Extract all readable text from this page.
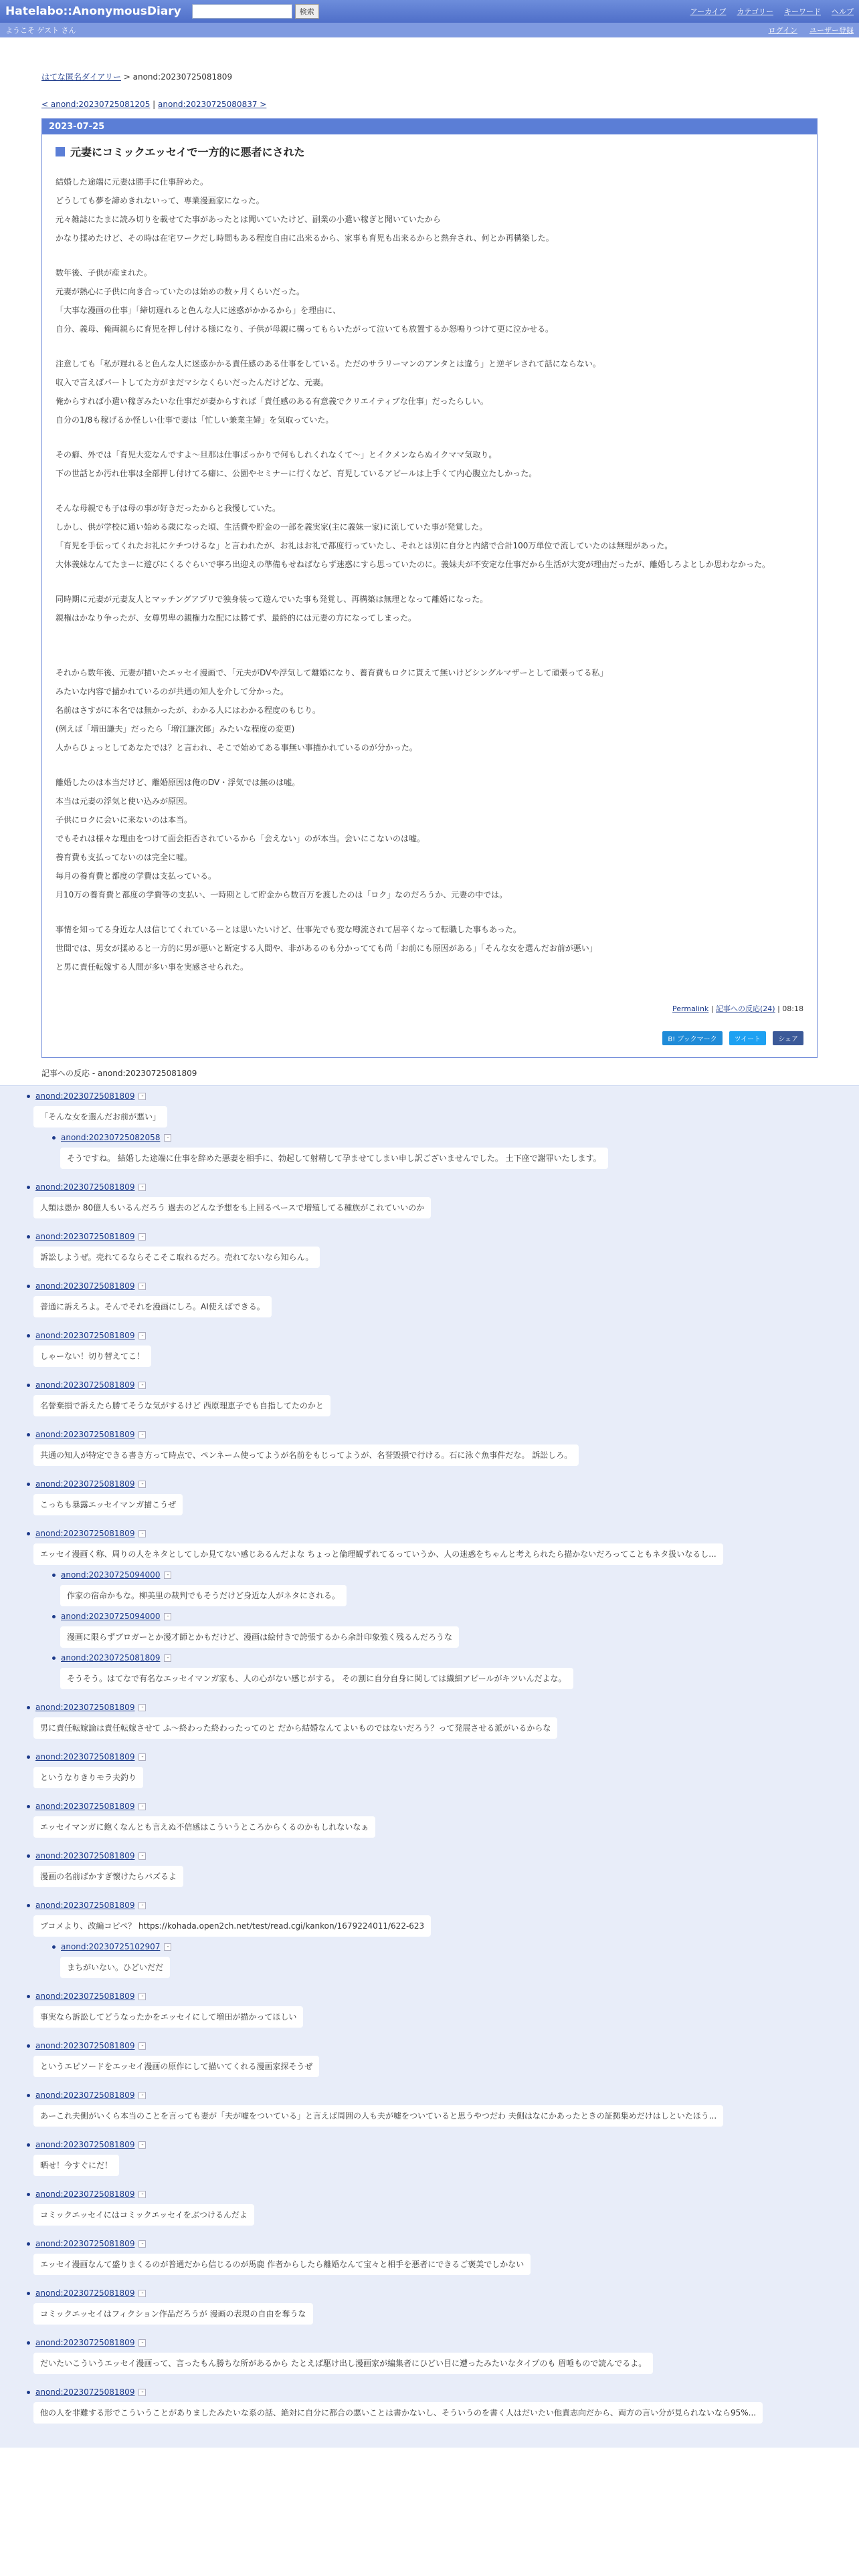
Hatelabo::AnonymousDiary	検索	アーカイブ カテゴリー キーワード ヘルプ
ようこそ ゲスト さん	ログイン ユーザー登録
はてな匿名ダイアリー > anond:20230725081809
< anond:20230725081205 | anond:20230725080837 >
2023-07-25
元妻にコミックエッセイで一方的に悪者にされた

結婚した途端に元妻は勝手に仕事辞めた。

どうしても夢を諦めきれないって、専業漫画家になった。

元々雑誌にたまに読み切りを載せてた事があったとは聞いていたけど、副業の小遣い稼ぎと聞いていたから

かなり揉めたけど、その時は在宅ワークだし時間もある程度自由に出来るから、家事も育児も出来るからと熱弁され、何とか再構築した。

数年後、子供が産まれた。

元妻が熱心に子供に向き合っていたのは始めの数ヶ月くらいだった。

「大事な漫画の仕事」「締切遅れると色んな人に迷惑がかかるから」を理由に、

自分、義母、俺両親らに育児を押し付ける様になり、子供が母親に構ってもらいたがって泣いても放置するか怒鳴りつけて更に泣かせる。

注意しても「私が遅れると色んな人に迷惑かかる責任感のある仕事をしている。ただのサラリーマンのアンタとは違う」と逆ギレされて話にならない。

収入で言えばパートしてた方がまだマシなくらいだったんだけどな、元妻。

俺からすれば小遣い稼ぎみたいな仕事だが妻からすれば「責任感のある有意義でクリエイティブな仕事」だったらしい。

自分の1/8も稼げるか怪しい仕事で妻は「忙しい兼業主婦」を気取っていた。

その癖、外では「育児大変なんですよ〜旦那は仕事ばっかりで何もしれくれなくて〜」とイクメンならぬイクママ気取り。

下の世話とか汚れ仕事は全部押し付けてる癖に、公園やセミナーに行くなど、育児しているアピールは上手くて内心腹立たしかった。

そんな母親でも子は母の事が好きだったからと我慢していた。

しかし、供が学校に通い始める歳になった頃、生活費や貯金の一部を義実家(主に義妹一家)に流していた事が発覚した。

「育児を手伝ってくれたお礼にケチつけるな」と言われたが、お礼はお礼で都度行っていたし、それとは別に自分と内緒で合計100万単位で流していたのは無理があった。

大体義妹なんてたまーに遊びにくるぐらいで寧ろ出迎えの準備もせねばならず迷惑にすら思っていたのに。義妹夫が不安定な仕事だから生活が大変が理由だったが、離婚しろよとしか思わなかった。

同時期に元妻が元妻友人とマッチングアプリで独身装って遊んでいた事も発覚し、再構築は無理となって離婚になった。

親権はかなり争ったが、女尊男卑の親権力な配には勝てず、最終的には元妻の方になってしまった。

それから数年後、元妻が描いたエッセイ漫画で、「元夫がDVや浮気して離婚になり、養育費もロクに貰えて無いけどシングルマザーとして頑張ってる私」

みたいな内容で描かれているのが共通の知人を介して分かった。

名前はさすがに本名では無かったが、わかる人にはわかる程度のもじり。

(例えば「増田謙夫」だったら「増江謙次郎」みたいな程度の変更)

人からひょっとしてあなたでは？と言われ、そこで始めてある事無い事描かれているのが分かった。

離婚したのは本当だけど、離婚原因は俺のDV・浮気では無のは嘘。

本当は元妻の浮気と使い込みが原因。

子供にロクに会いに来ないのは本当。

でもそれは様々な理由をつけて面会拒否されているから「会えない」のが本当。会いにこないのは嘘。

養育費も支払ってないのは完全に嘘。

毎月の養育費と都度の学費は支払っている。

月10万の養育費と都度の学費等の支払い、一時期として貯金から数百万を渡したのは「ロク」なのだろうか、元妻の中では。

事情を知ってる身近な人は信じてくれているーとは思いたいけど、仕事先でも変な噂流されて居辛くなって転職した事もあった。

世間では、男女が揉めると一方的に男が悪いと断定する人間や、非があるのも分かってても尚「お前にも原因がある」「そんな女を選んだお前が悪い」

と男に責任転嫁する人間が多い事を実感させられた。

Permalink | 記事への反応(24) | 08:18
B! ブックマーク	ツイート	シェア
記事への反応 - anond:20230725081809
anond:20230725081809	-
「そんな女を選んだお前が悪い」
anond:20230725082058	-
そうですね。 結婚した途端に仕事を辞めた悪妻を相手に、勃起して射精して孕ませてしまい申し訳ございませんでした。 土下座で謝罪いたします。
anond:20230725081809	-
人類は愚か 80億人もいるんだろう 過去のどんな予想をも上回るペースで増殖してる種族がこれていいのか
anond:20230725081809	-
訴訟しようぜ。売れてるならそこそこ取れるだろ。売れてないなら知らん。
anond:20230725081809	-
普通に訴えろよ。そんでそれを漫画にしろ。AI使えばできる。
anond:20230725081809	-
しゃーない！切り替えてこ！
anond:20230725081809	-
名誉棄損で訴えたら勝てそうな気がするけど 西原理恵子でも自指してたのかと
anond:20230725081809	-
共通の知人が特定できる書き方って時点で、ペンネーム使ってようが名前をもじってようが、名誉毀損で行ける。石に泳ぐ魚事件だな。 訴訟しろ。
anond:20230725081809	-
こっちも暴露エッセイマンガ描こうぜ
anond:20230725081809	-
エッセイ漫画く称、周りの人をネタとしてしか見てない感じあるんだよな ちょっと倫理観ずれてるっていうか、人の迷惑をちゃんと考えられたら描かないだろってこともネタ扱いなるし...
anond:20230725094000	-
作家の宿命かもな。柳美里の裁判でもそうだけど身近な人がネタにされる。
anond:20230725094000	-
漫画に限らずブロガーとか漫才師とかもだけど、漫画は絵付きで誇張するから余計印象強く残るんだろうな
anond:20230725081809	-
そうそう。はてなで有名なエッセイマンガ家も、人の心がない感じがする。 その割に自分自身に関しては繊細アピールがキツいんだよな。
anond:20230725081809	-
男に責任転嫁論は責任転嫁させて ふ〜終わった終わったってのと だから結婚なんてよいものではないだろう？って発展させる派がいるからな
anond:20230725081809	-
というなりきりモラ夫釣り
anond:20230725081809	-
エッセイマンガに飽くなんとも言えぬ不信感はこういうところからくるのかもしれないなぁ
anond:20230725081809	-
漫画の名前ばかすぎ懐けたらバズるよ
anond:20230725081809	-
ブコメより、改編コピペ？ https://kohada.open2ch.net/test/read.cgi/kankon/1679224011/622-623
anond:20230725102907	-
まちがいない。ひどいだだ
anond:20230725081809	-
事実なら訴訟してどうなったかをエッセイにして増田が描かってほしい
anond:20230725081809	-
というエピソードをエッセイ漫画の原作にして描いてくれる漫画家探そうぜ
anond:20230725081809	-
あーこれ夫側がいくら本当のことを言っても妻が「夫が嘘をついている」と言えば周囲の人も夫が嘘をついていると思うやつだわ 夫側はなにかあったときの証拠集めだけはしといたほう...
anond:20230725081809	-
晒せ！今すぐにだ！
anond:20230725081809	-
コミックエッセイにはコミックエッセイをぶつけるんだよ
anond:20230725081809	-
エッセイ漫画なんて盛りまくるのが普通だから信じるのが馬鹿 作者からしたら離婚なんて宝々と相手を悪者にできるご褒美でしかない
anond:20230725081809	-
コミックエッセイはフィクション作品だろうが 漫画の表現の自由を奪うな
anond:20230725081809	-
だいたいこういうエッセイ漫画って、言ったもん勝ちな所があるから たとえば駆け出し漫画家が編集者にひどい目に遭ったみたいなタイプのも 眉唾もので読んでるよ。
anond:20230725081809	-
他の人を非難する形でこういうことがありましたみたいな系の話、絶対に自分に都合の悪いことは書かないし、そういうのを書く人はだいたい他責志向だから、両方の言い分が見られないなら95%...
